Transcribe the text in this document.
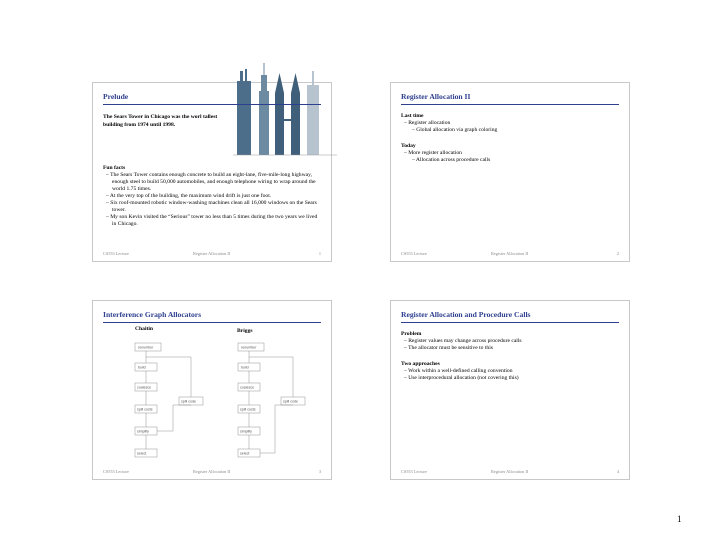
Prelude
The Sears Tower in Chicago was the worl tallest building from 1974 until 1998.
Fun facts
– The Sears Tower contains enough concrete to build an eight-lane, five-mile-long highway, enough steel to build 50,000 automobiles, and enough telephone wiring to wrap around the world 1.75 times.
– At the very top of the building, the maximum wind drift is just one foot.
– Six roof-mounted robotic window-washing machines clean all 16,000 windows on the Sears tower.
– My son Kevin visited the “Serious” tower no less than 5 times during the two years we lived in Chicago.
CS553 Lecture	Register Allocation II	1
Register Allocation II
Last time
– Register allocation
– Global allocation via graph coloring
Today
– More register allocation
– Allocation across procedure calls
CS553 Lecture	Register Allocation II	2
Interference Graph Allocators
Chaitin	Briggs
renumber
build
coalesce
spill costs
simplify
select
spill code
renumber
build
coalesce
spill costs
simplify
select
spill code
CS553 Lecture	Register Allocation II	3
Register Allocation and Procedure Calls
Problem
– Register values may change across procedure calls
– The allocator must be sensitive to this
Two approaches
– Work within a well-defined calling convention
– Use interprocedural allocation (not covering this)
CS553 Lecture	Register Allocation II	4
1
